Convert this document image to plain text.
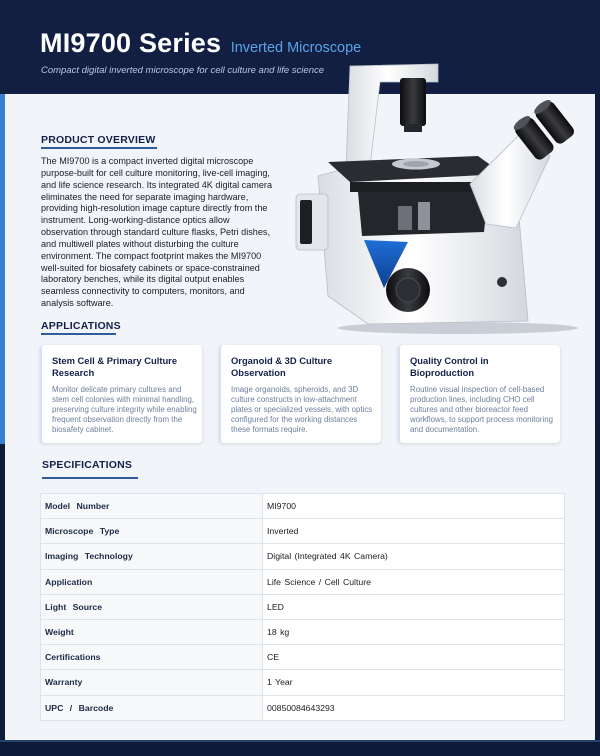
MI9700 Series Inverted Microscope
Compact digital inverted microscope for cell culture and life science
PRODUCT OVERVIEW

The MI9700 is a compact inverted digital microscope purpose-built for cell culture monitoring, live-cell imaging, and life science research. Its integrated 4K digital camera eliminates the need for separate imaging hardware, providing high-resolution image capture directly from the instrument. Long-working-distance optics allow observation through standard culture flasks, Petri dishes, and multiwell plates without disturbing the culture environment. The compact footprint makes the MI9700 well-suited for biosafety cabinets or space-constrained laboratory benches, while its digital output enables seamless connectivity to computers, monitors, and analysis software.

APPLICATIONS
Stem Cell & Primary Culture Research
Monitor delicate primary cultures and stem cell colonies with minimal handling, preserving culture integrity while enabling frequent observation directly from the biosafety cabinet.
Organoid & 3D Culture Observation
Image organoids, spheroids, and 3D culture constructs in low-attachment plates or specialized vessels, with optics configured for the working distances these formats require.
Quality Control in Bioproduction
Routine visual inspection of cell-based production lines, including CHO cell cultures and other bioreactor feed workflows, to support process monitoring and documentation.
SPECIFICATIONS
Model Number	MI9700
Microscope Type	Inverted
Imaging Technology	Digital (Integrated 4K Camera)
Application	Life Science / Cell Culture
Light Source	LED
Weight	18 kg
Certifications	CE
Warranty	1 Year
UPC / Barcode	00850084643293
